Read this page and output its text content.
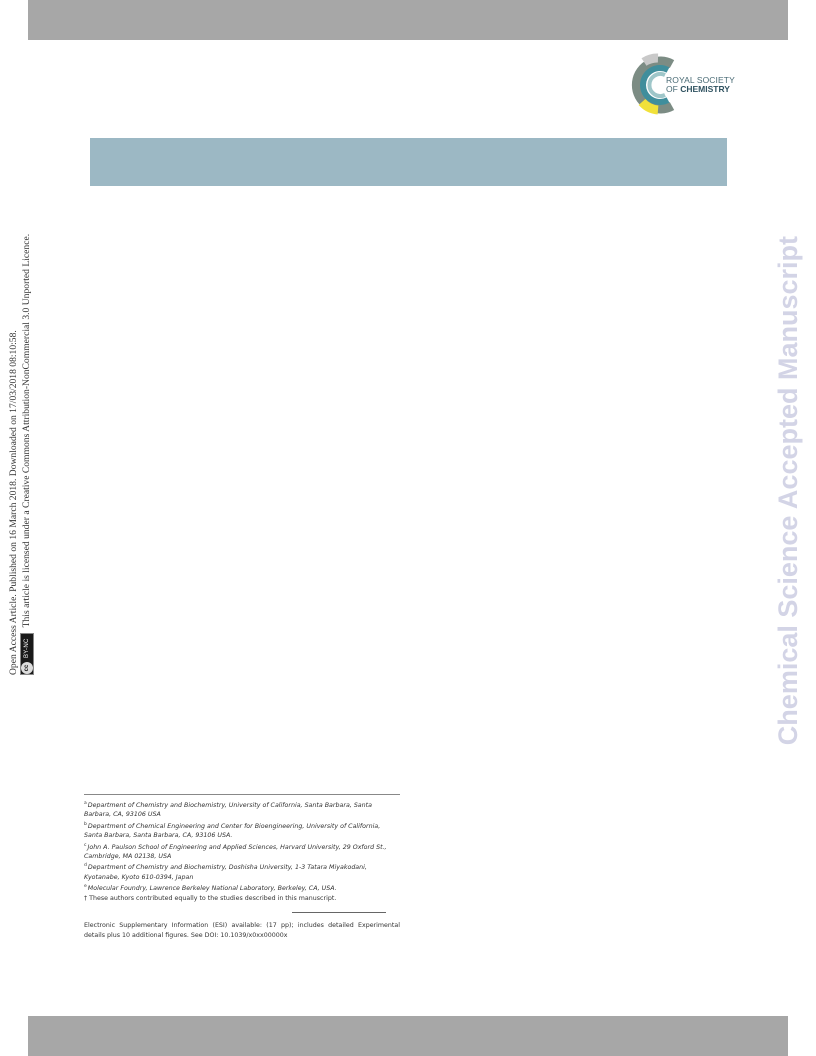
ROYAL SOCIETY
OF CHEMISTRY
Open Access Article. Published on 16 March 2018. Downloaded on 17/03/2018 08:10:58. cc
BY-NC
This article is licensed under a Creative Commons Attribution-NonCommercial 3.0 Unported Licence.	Chemical Science Accepted Manuscript
$^a$Department of Chemistry and Biochemistry, University of California, Santa Barbara, Santa Barbara, CA, 93106 USA
$^b$Department of Chemical Engineering and Center for Bioengineering, University of California, Santa Barbara, Santa Barbara, CA, 93106 USA.
$^c$John A. Paulson School of Engineering and Applied Sciences, Harvard University, 29 Oxford St., Cambridge, MA 02138, USA
$^d$Department of Chemistry and Biochemistry, Doshisha University, 1-3 Tatara Miyakodani, Kyotanabe, Kyoto 610-0394, Japan
$^e$Molecular Foundry, Lawrence Berkeley National Laboratory, Berkeley, CA, USA.
† These authors contributed equally to the studies described in this manuscript.
Electronic Supplementary Information (ESI) available: (17 pp); includes detailed Experimental details plus 10 additional figures. See DOI: 10.1039/x0xx00000x
